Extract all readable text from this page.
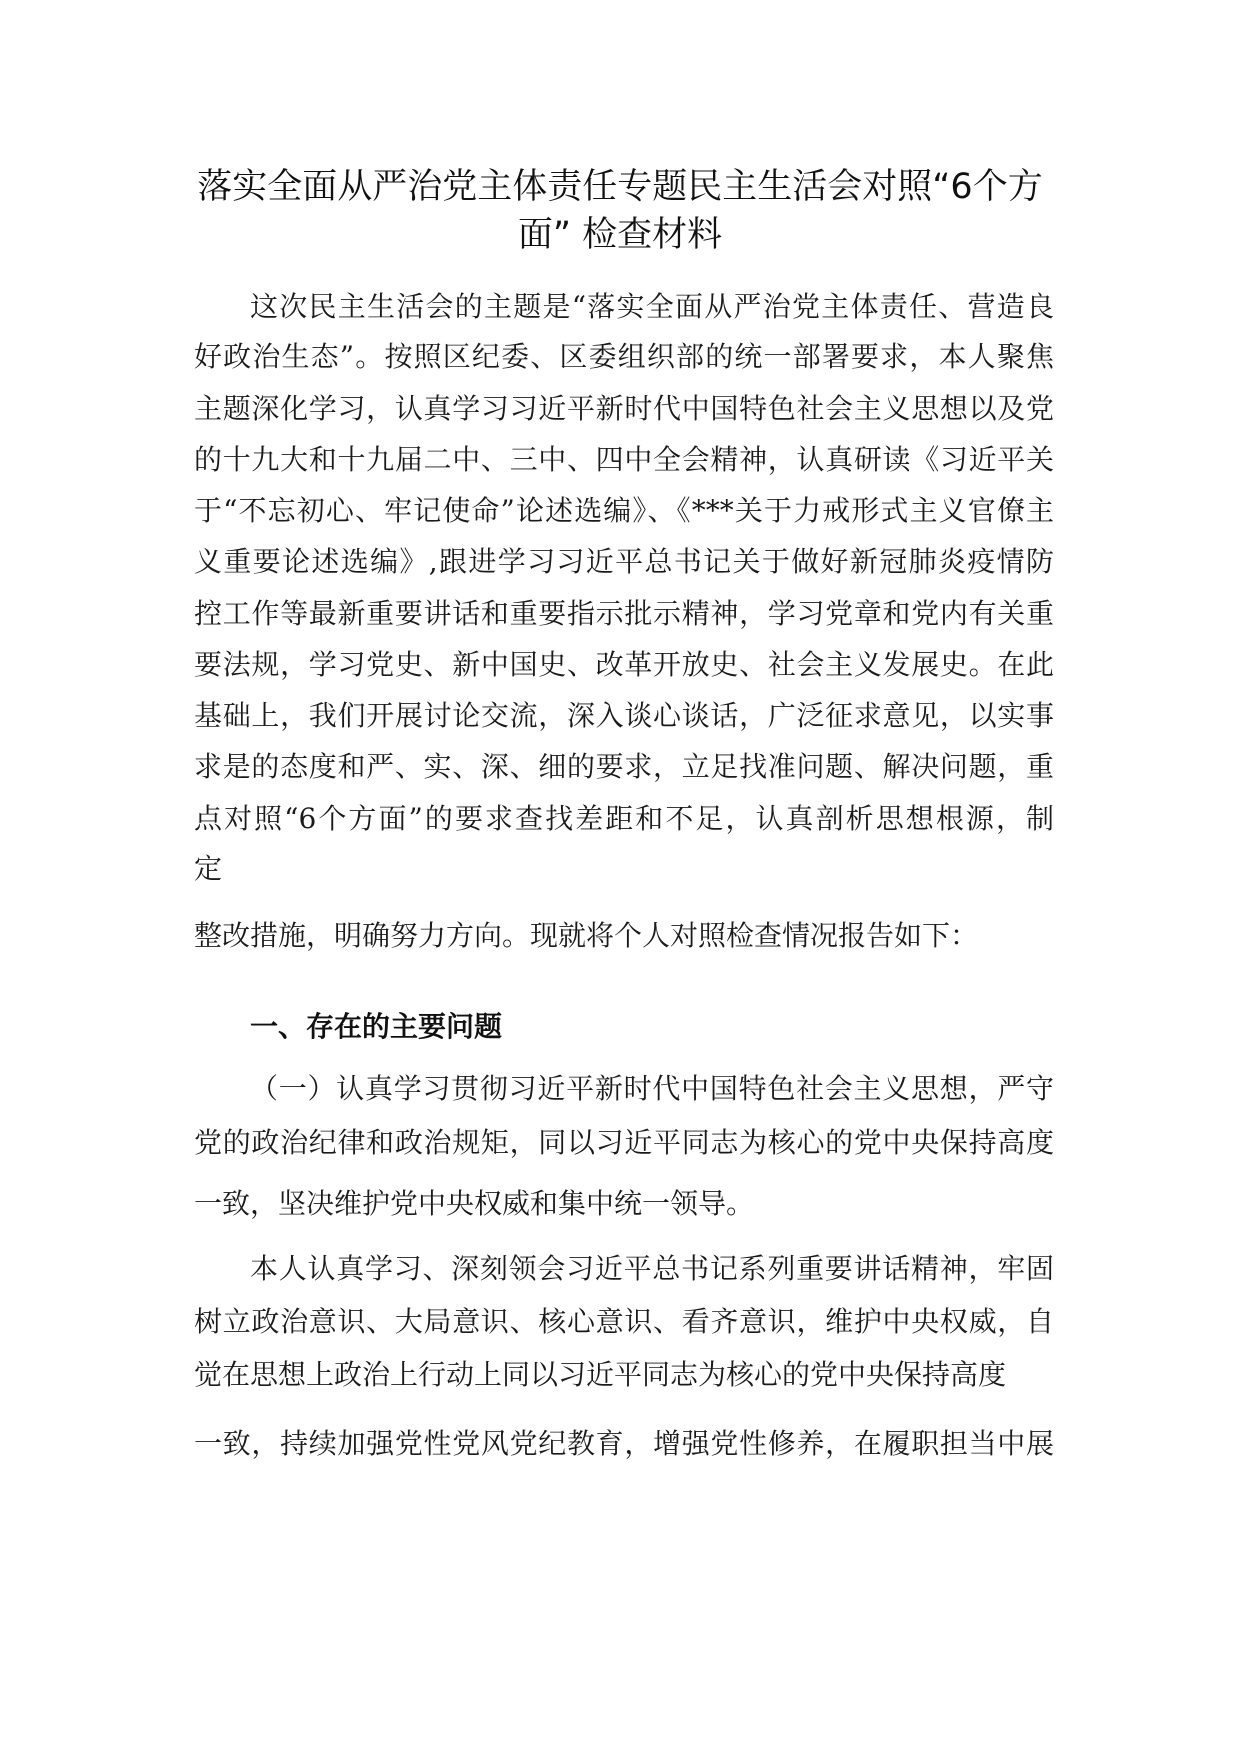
落实全面从严治党主体责任专题民主生活会对照“6个方
面” 检查材料
这次民主生活会的主题是“落实全面从严治党主体责任、营造良
好政治生态”。按照区纪委、区委组织部的统一部署要求，本人聚焦
主题深化学习，认真学习习近平新时代中国特色社会主义思想以及党
的十九大和十九届二中、三中、四中全会精神，认真研读《习近平关
于“不忘初心、牢记使命”论述选编》、《***关于力戒形式主义官僚主
义重要论述选编》,跟进学习习近平总书记关于做好新冠肺炎疫情防
控工作等最新重要讲话和重要指示批示精神，学习党章和党内有关重
要法规，学习党史、新中国史、改革开放史、社会主义发展史。在此
基础上，我们开展讨论交流，深入谈心谈话，广泛征求意见，以实事
求是的态度和严、实、深、细的要求，立足找准问题、解决问题，重
点对照“6个方面”的要求查找差距和不足，认真剖析思想根源，制
定
整改措施，明确努力方向。现就将个人对照检查情况报告如下：
一、存在的主要问题
（一）认真学习贯彻习近平新时代中国特色社会主义思想，严守
党的政治纪律和政治规矩，同以习近平同志为核心的党中央保持高度
一致，坚决维护党中央权威和集中统一领导。
本人认真学习、深刻领会习近平总书记系列重要讲话精神，牢固
树立政治意识、大局意识、核心意识、看齐意识，维护中央权威，自
觉在思想上政治上行动上同以习近平同志为核心的党中央保持高度
一致，持续加强党性党风党纪教育，增强党性修养，在履职担当中展
